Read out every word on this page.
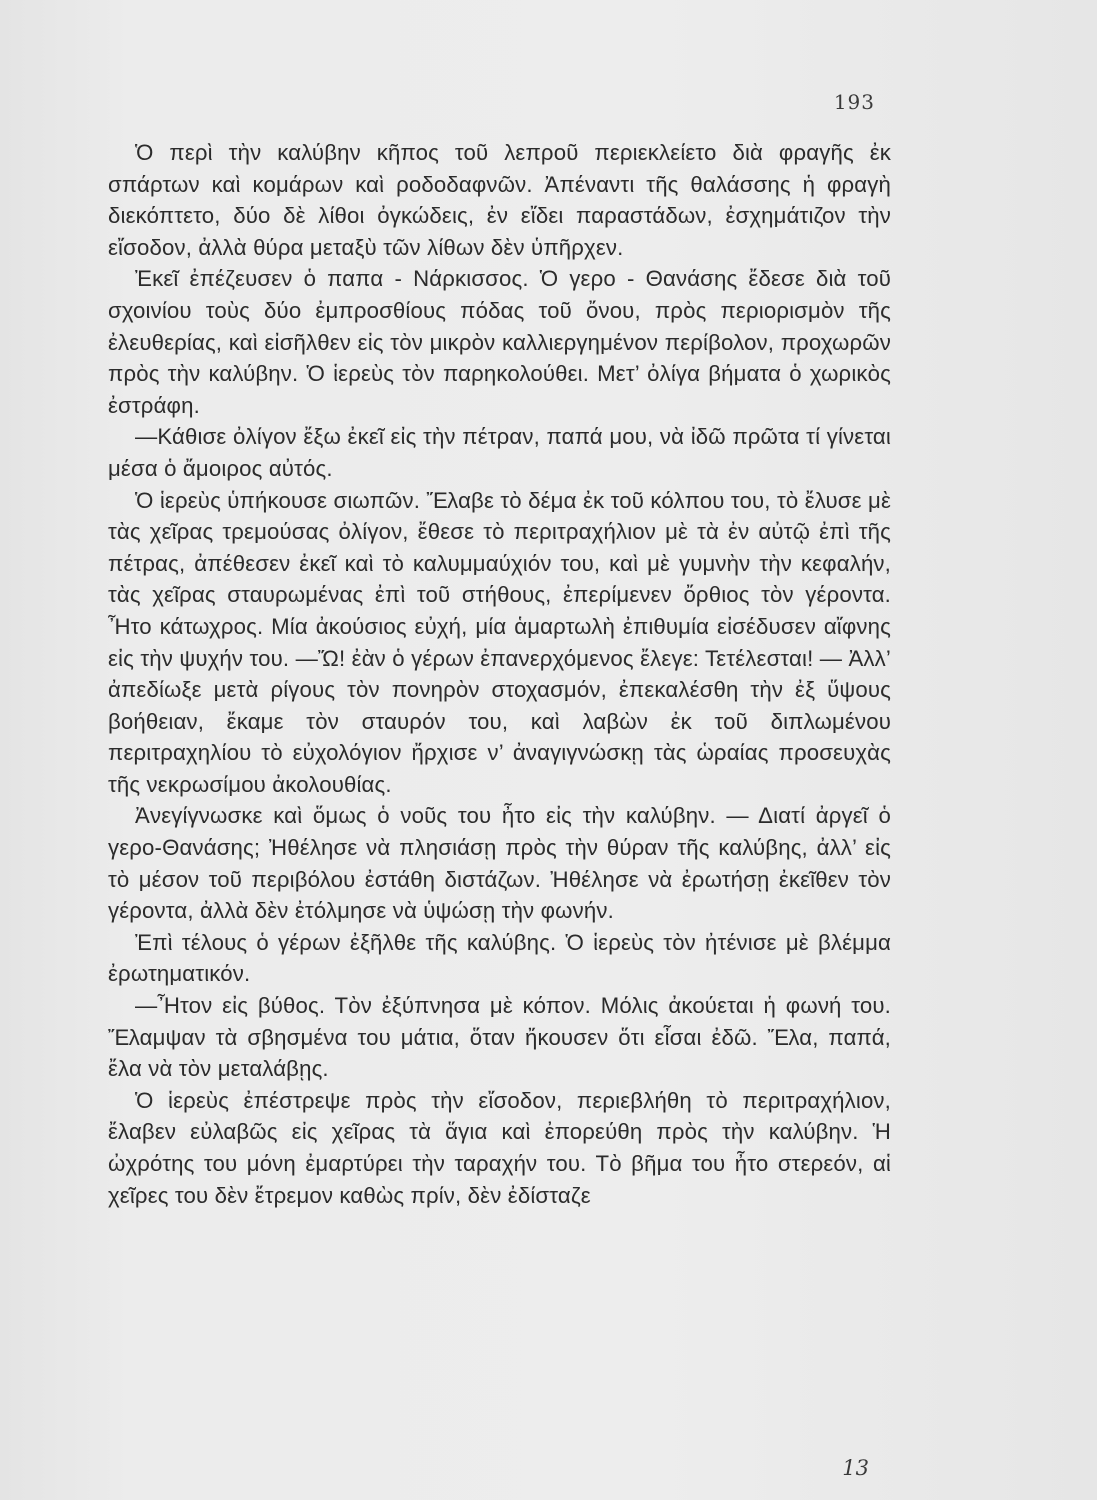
193

Ὁ περὶ τὴν καλύβην κῆπος τοῦ λεπροῦ περιεκλείετο διὰ φραγῆς ἐκ σπάρτων καὶ κομάρων καὶ ροδοδαφνῶν. Ἀπέναντι τῆς θαλάσσης ἡ φραγὴ διεκόπτετο, δύο δὲ λίθοι ὀγκώδεις, ἐν εἴδει παραστάδων, ἐσχημάτιζον τὴν εἴσοδον, ἀλλὰ θύρα μεταξὺ τῶν λίθων δὲν ὑπῆρχεν.

Ἐκεῖ ἐπέζευσεν ὁ παπα - Νάρκισσος. Ὁ γερο - Θανάσης ἔδεσε διὰ τοῦ σχοινίου τοὺς δύο ἐμπροσθίους πόδας τοῦ ὄνου, πρὸς περιορισμὸν τῆς ἐλευθερίας, καὶ εἰσῆλθεν εἰς τὸν μικρὸν καλλιεργημένον περίβολον, προχωρῶν πρὸς τὴν καλύβην. Ὁ ἱερεὺς τὸν παρηκολούθει. Μετ’ ὀλίγα βήματα ὁ χωρικὸς ἐστράφη.

—Κάθισε ὀλίγον ἔξω ἐκεῖ εἰς τὴν πέτραν, παπά μου, νὰ ἰδῶ πρῶτα τί γίνεται μέσα ὁ ἄμοιρος αὐτός.

Ὁ ἱερεὺς ὑπήκουσε σιωπῶν. Ἔλαβε τὸ δέμα ἐκ τοῦ κόλπου του, τὸ ἔλυσε μὲ τὰς χεῖρας τρεμούσας ὀλίγον, ἔθεσε τὸ περιτραχήλιον μὲ τὰ ἐν αὐτῷ ἐπὶ τῆς πέτρας, ἀπέθεσεν ἐκεῖ καὶ τὸ καλυμμαύχιόν του, καὶ μὲ γυμνὴν τὴν κεφαλήν, τὰς χεῖρας σταυρωμένας ἐπὶ τοῦ στήθους, ἐπερίμενεν ὄρθιος τὸν γέροντα. Ἦτο κάτωχρος. Μία ἀκούσιος εὐχή, μία ἁμαρτωλὴ ἐπιθυμία εἰσέδυσεν αἴφνης εἰς τὴν ψυχήν του. —Ὤ! ἐὰν ὁ γέρων ἐπανερχόμενος ἔλεγε: Τετέλεσται! — Ἀλλ’ ἀπεδίωξε μετὰ ρίγους τὸν πονηρὸν στοχασμόν, ἐπεκαλέσθη τὴν ἐξ ὕψους βοήθειαν, ἔκαμε τὸν σταυρόν του, καὶ λαβὼν ἐκ τοῦ διπλωμένου περιτραχηλίου τὸ εὐχολόγιον ἤρχισε ν’ ἀναγιγνώσκῃ τὰς ὡραίας προσευχὰς τῆς νεκρωσίμου ἀκολουθίας.

Ἀνεγίγνωσκε καὶ ὅμως ὁ νοῦς του ἦτο εἰς τὴν καλύβην. — Διατί ἀργεῖ ὁ γερο-Θανάσης; Ἠθέλησε νὰ πλησιάσῃ πρὸς τὴν θύραν τῆς καλύβης, ἀλλ’ εἰς τὸ μέσον τοῦ περιβόλου ἐστάθη διστάζων. Ἠθέλησε νὰ ἐρωτήσῃ ἐκεῖθεν τὸν γέροντα, ἀλλὰ δὲν ἐτόλμησε νὰ ὑψώσῃ τὴν φωνήν.

Ἐπὶ τέλους ὁ γέρων ἐξῆλθε τῆς καλύβης. Ὁ ἱερεὺς τὸν ἠτένισε μὲ βλέμμα ἐρωτηματικόν.

—Ἦτον εἰς βύθος. Τὸν ἐξύπνησα μὲ κόπον. Μόλις ἀκούεται ἡ φωνή του. Ἔλαμψαν τὰ σβησμένα του μάτια, ὅταν ἤκουσεν ὅτι εἶσαι ἐδῶ. Ἔλα, παπά, ἔλα νὰ τὸν μεταλάβῃς.

Ὁ ἱερεὺς ἐπέστρεψε πρὸς τὴν εἴσοδον, περιεβλήθη τὸ περιτραχήλιον, ἔλαβεν εὐλαβῶς εἰς χεῖρας τὰ ἅγια καὶ ἐπορεύθη πρὸς τὴν καλύβην. Ἡ ὠχρότης του μόνη ἐμαρτύρει τὴν ταραχήν του. Τὸ βῆμα του ἦτο στερεόν, αἱ χεῖρες του δὲν ἔτρεμον καθὼς πρίν, δὲν ἐδίσταζε

13
